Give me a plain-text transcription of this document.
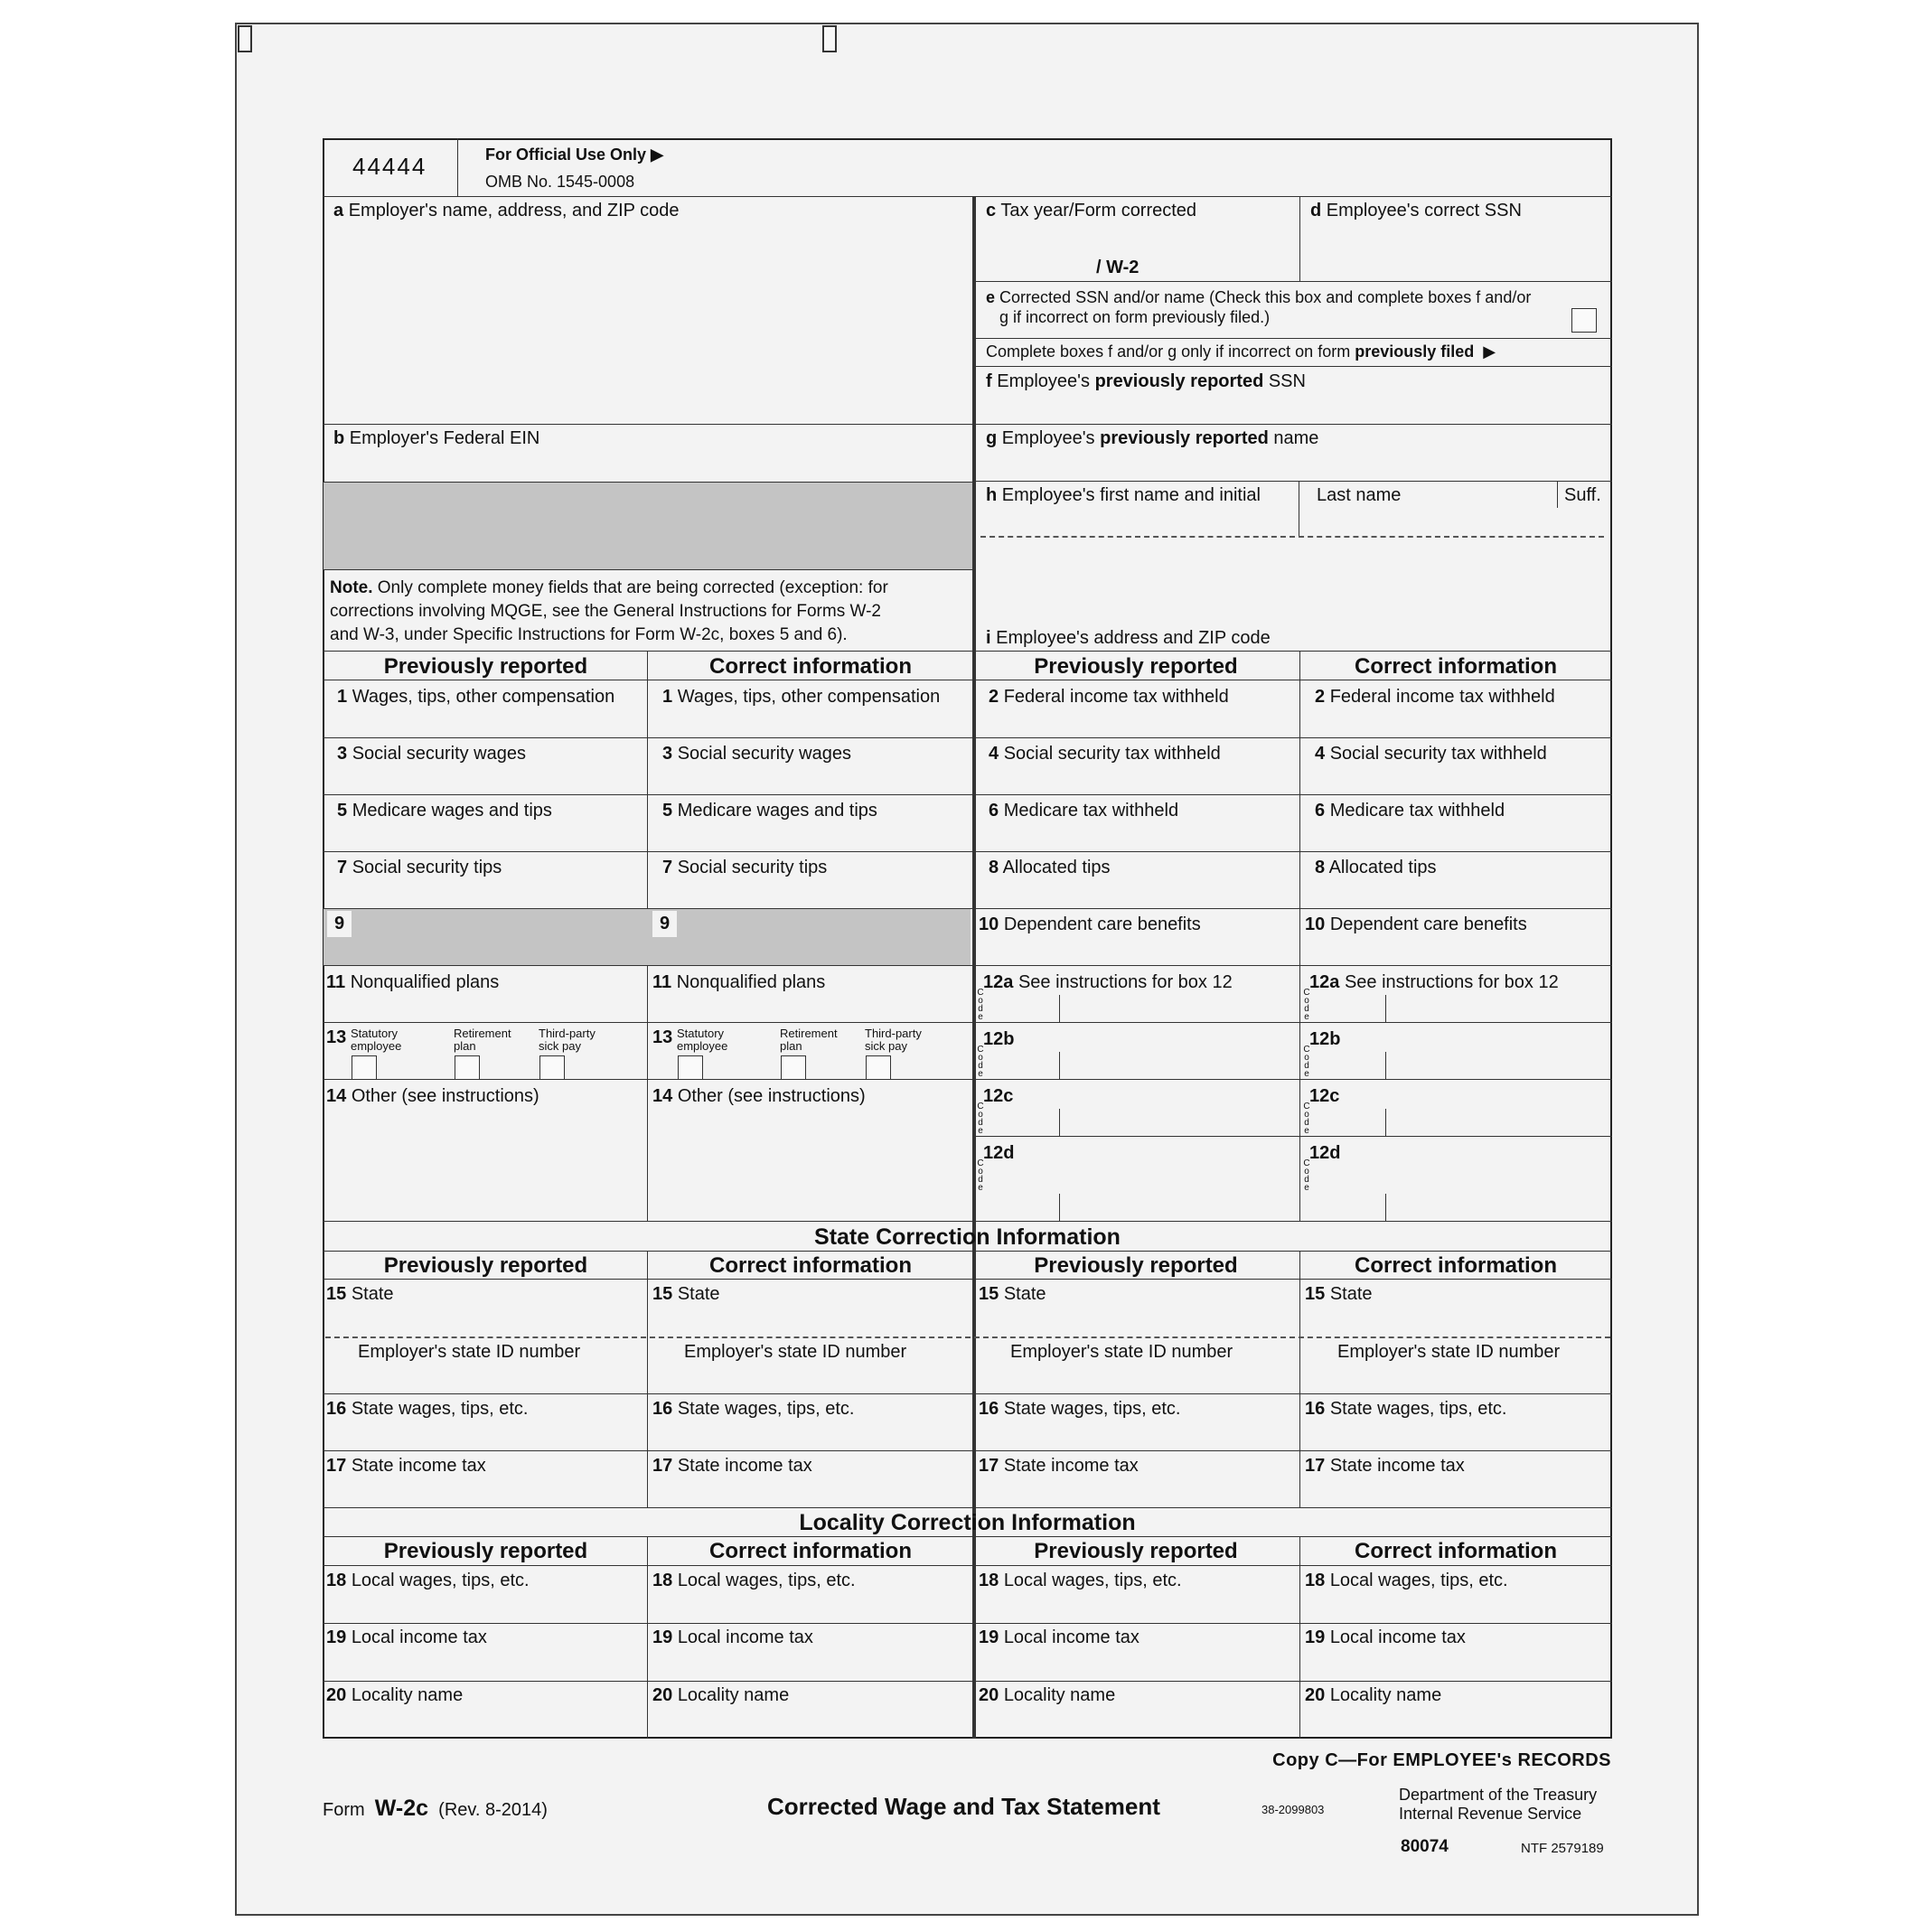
44444	For Official Use Only ▶
OMB No. 1545-0008
a Employer's name, address, and ZIP code
b Employer's Federal EIN
Note. Only complete money fields that are being corrected (exception: for
corrections involving MQGE, see the General Instructions for Forms W-2
and W-3, under Specific Instructions for Form W-2c, boxes 5 and 6).
c Tax year/Form corrected
/ W-2
d Employee's correct SSN
e Corrected SSN and/or name (Check this box and complete boxes f and/or
g if incorrect on form previously filed.)
Complete boxes f and/or g only if incorrect on form previously filed ▶
f Employee's previously reported SSN
g Employee's previously reported name
h Employee's first name and initial	Last name	Suff.
i Employee's address and ZIP code
Previously reported	Correct information	Previously reported	Correct information
1 Wages, tips, other compensation	1 Wages, tips, other compensation	2 Federal income tax withheld	2 Federal income tax withheld
3 Social security wages	3 Social security wages	4 Social security tax withheld	4 Social security tax withheld
5 Medicare wages and tips	5 Medicare wages and tips	6 Medicare tax withheld	6 Medicare tax withheld
7 Social security tips	7 Social security tips	8 Allocated tips	8 Allocated tips
9	9	10 Dependent care benefits	10 Dependent care benefits
11 Nonqualified plans	11 Nonqualified plans	12a See instructions for box 12	12a See instructions for box 12
13 Statutory
employee
Retirement
plan
Third-party
sick pay	13 Statutory
employee
Retirement
plan
Third-party
sick pay	12b	12b
14 Other (see instructions)	14 Other (see instructions)	12c	12c
12d	12d
C
o
d
e
C
o
d
e
C
o
d
e
C
o
d
e
C
o
d
e
C
o
d
e
C
o
d
e
C
o
d
e
State Correction Information
Previously reported	Correct information	Previously reported	Correct information
15 State	15 State	15 State	15 State
Employer's state ID number	Employer's state ID number	Employer's state ID number	Employer's state ID number
16 State wages, tips, etc.	16 State wages, tips, etc.	16 State wages, tips, etc.	16 State wages, tips, etc.
17 State income tax	17 State income tax	17 State income tax	17 State income tax
Locality Correction Information
Previously reported	Correct information	Previously reported	Correct information
18 Local wages, tips, etc.	18 Local wages, tips, etc.	18 Local wages, tips, etc.	18 Local wages, tips, etc.
19 Local income tax	19 Local income tax	19 Local income tax	19 Local income tax
20 Locality name	20 Locality name	20 Locality name	20 Locality name
Copy C—For EMPLOYEE's RECORDS
Form W-2c (Rev. 8-2014)	Corrected Wage and Tax Statement	38-2099803
Department of the Treasury
Internal Revenue Service
80074	NTF 2579189
